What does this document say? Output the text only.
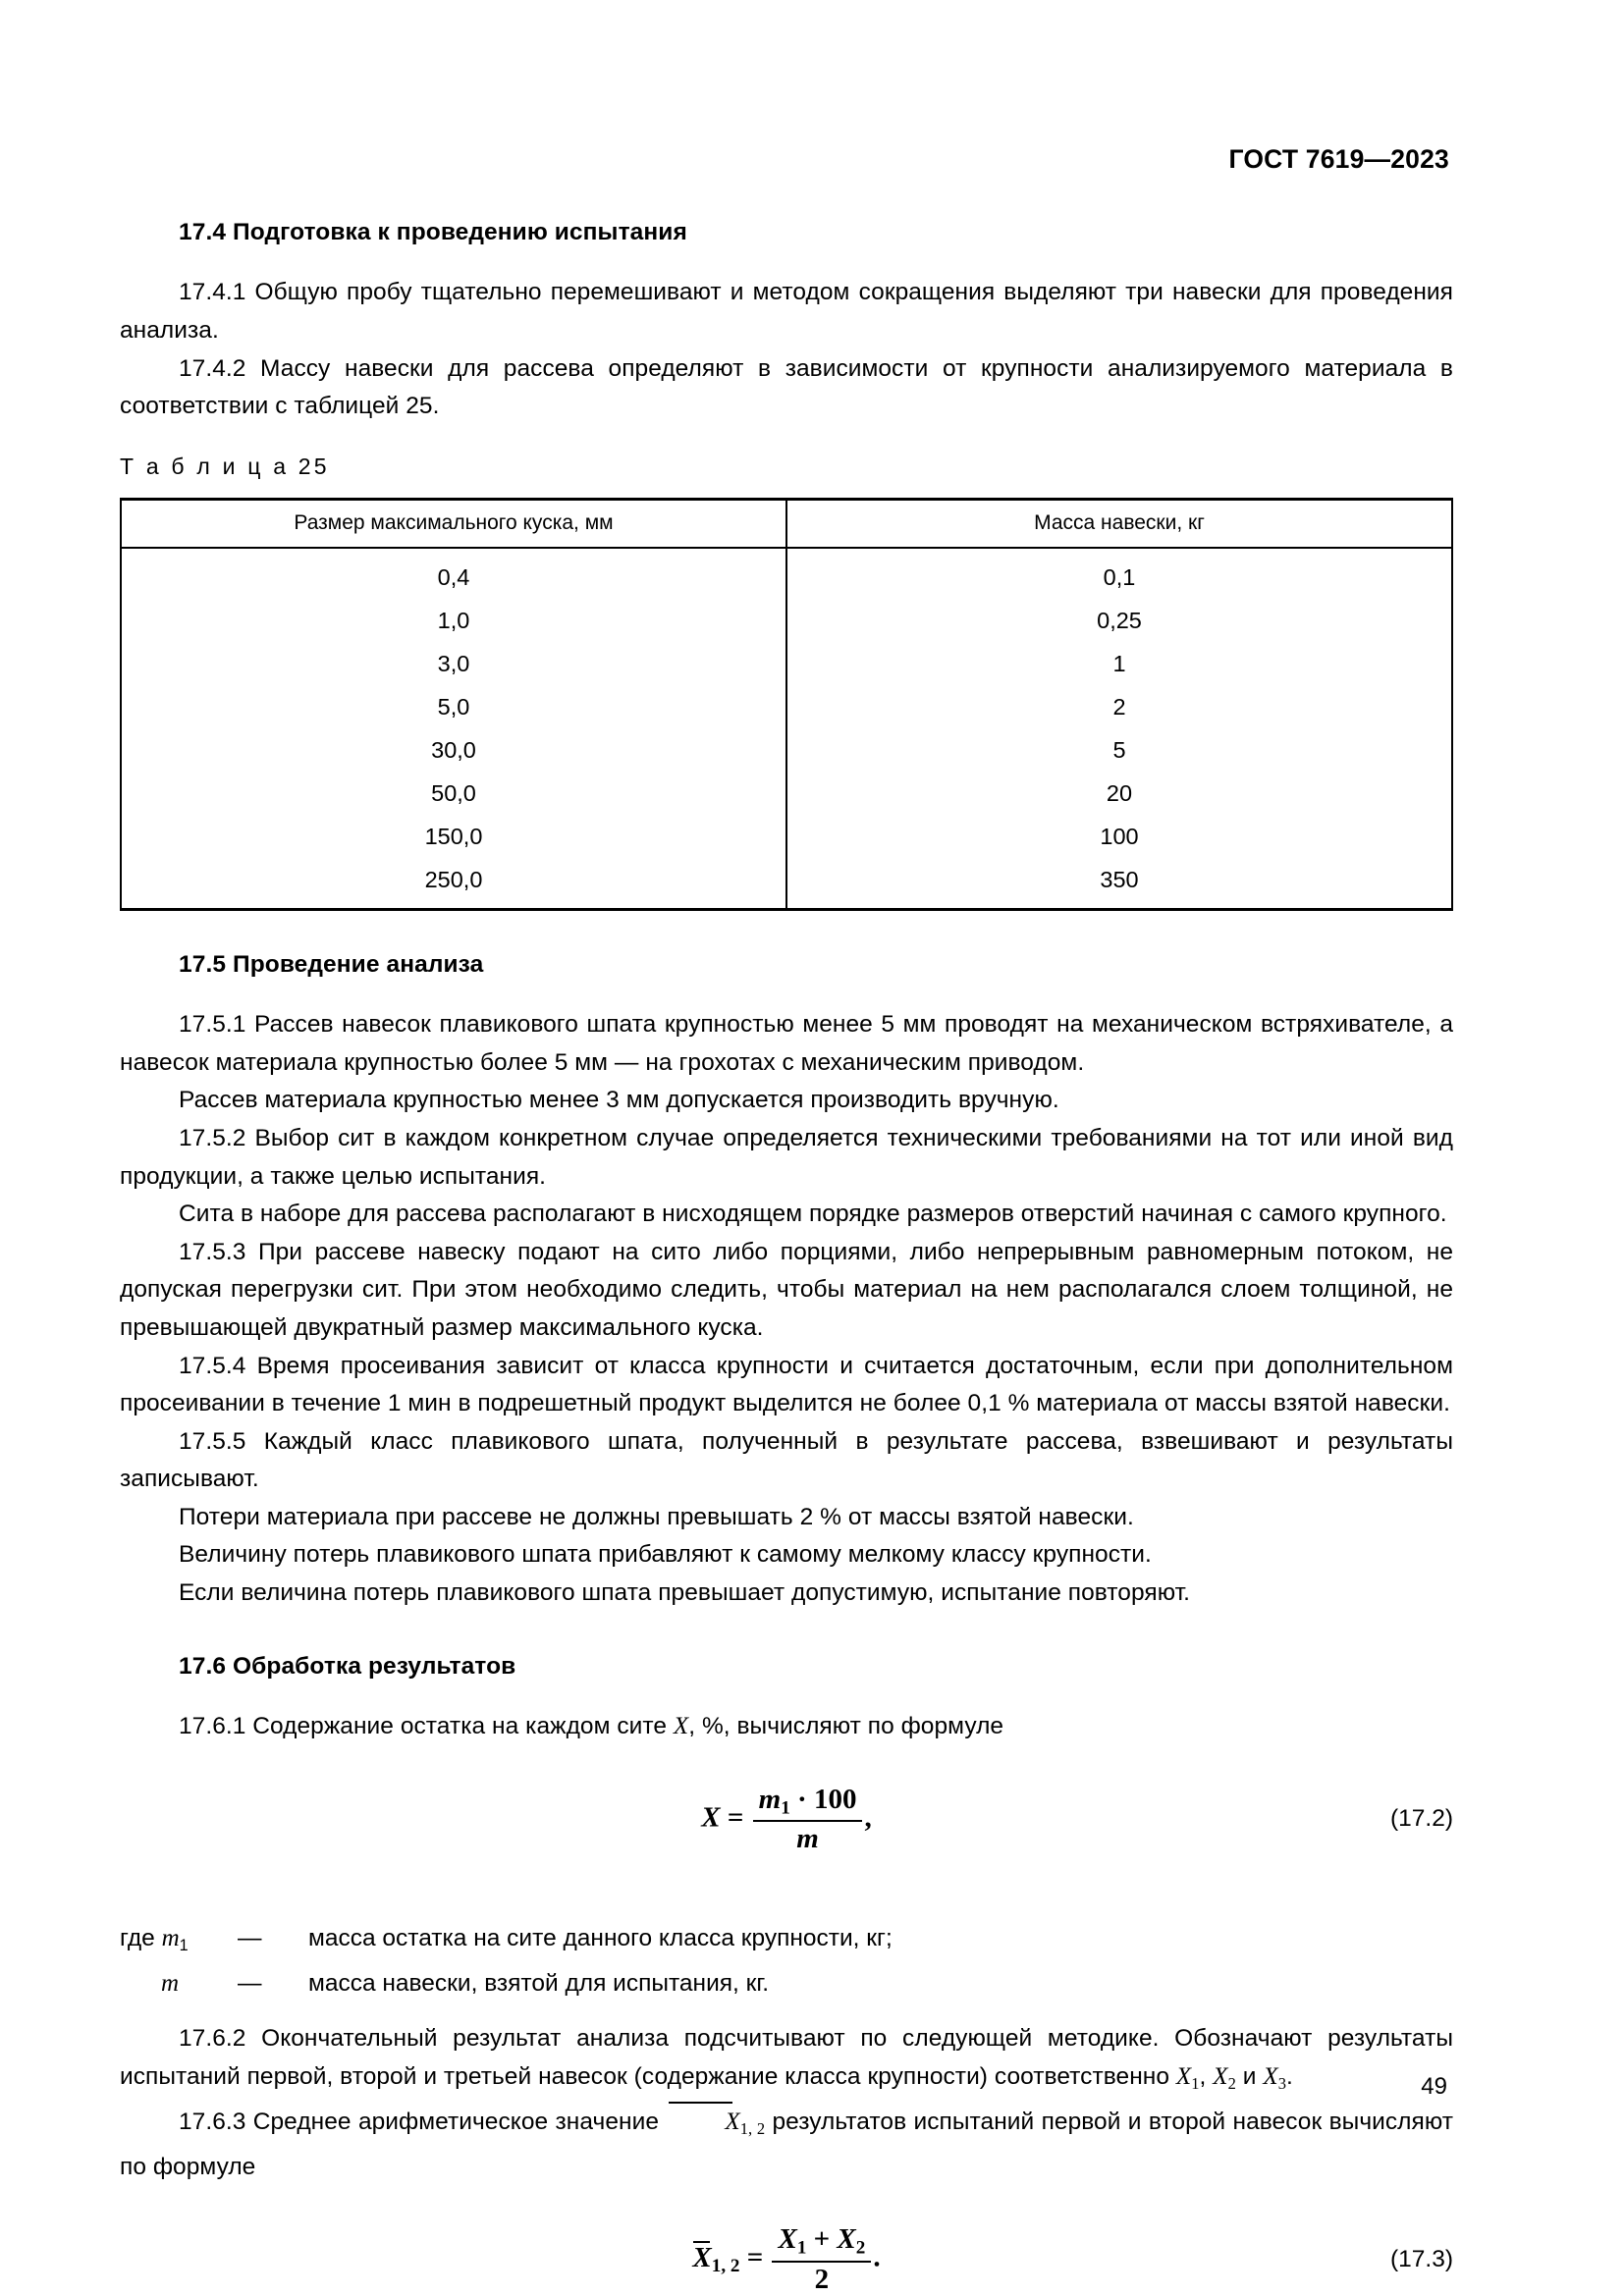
ГОСТ 7619—2023
17.4 Подготовка к проведению испытания

17.4.1 Общую пробу тщательно перемешивают и методом сокращения выделяют три навески для проведения анализа.

17.4.2 Массу навески для рассева определяют в зависимости от крупности анализируемого материала в соответствии с таблицей 25.

Т а б л и ц а 25

Размер максимального куска, мм	Масса навески, кг
0,4	0,1
1,0	0,25
3,0	1
5,0	2
30,0	5
50,0	20
150,0	100
250,0	350
17.5 Проведение анализа

17.5.1 Рассев навесок плавикового шпата крупностью менее 5 мм проводят на механическом встряхивателе, а навесок материала крупностью более 5 мм — на грохотах с механическим приводом.

Рассев материала крупностью менее 3 мм допускается производить вручную.

17.5.2 Выбор сит в каждом конкретном случае определяется техническими требованиями на тот или иной вид продукции, а также целью испытания.

Сита в наборе для рассева располагают в нисходящем порядке размеров отверстий начиная с самого крупного.

17.5.3 При рассеве навеску подают на сито либо порциями, либо непрерывным равномерным потоком, не допуская перегрузки сит. При этом необходимо следить, чтобы материал на нем располагался слоем толщиной, не превышающей двукратный размер максимального куска.

17.5.4 Время просеивания зависит от класса крупности и считается достаточным, если при дополнительном просеивании в течение 1 мин в подрешетный продукт выделится не более 0,1 % материала от массы взятой навески.

17.5.5 Каждый класс плавикового шпата, полученный в результате рассева, взвешивают и результаты записывают.

Потери материала при рассеве не должны превышать 2 % от массы взятой навески.

Величину потерь плавикового шпата прибавляют к самому мелкому классу крупности.

Если величина потерь плавикового шпата превышает допустимую, испытание повторяют.

17.6 Обработка результатов

17.6.1 Содержание остатка на каждом сите X, %, вычисляют по формуле

$X = \frac{m_1 \cdot 100}{m}$ ,	(17.2)
где $m_1$	—	масса остатка на сите данного класса крупности, кг;
m	—	масса навески, взятой для испытания, кг.

17.6.2 Окончательный результат анализа подсчитывают по следующей методике. Обозначают результаты испытаний первой, второй и третьей навесок (содержание класса крупности) соответственно $X_1$, $X_2$ и $X_3$.

17.6.3 Среднее арифметическое значение $X_{1, 2}$ результатов испытаний первой и второй навесок вычисляют по формуле

$X_{1, 2} = \frac{X_1 + X_2}{2}$ .	(17.3)
49
